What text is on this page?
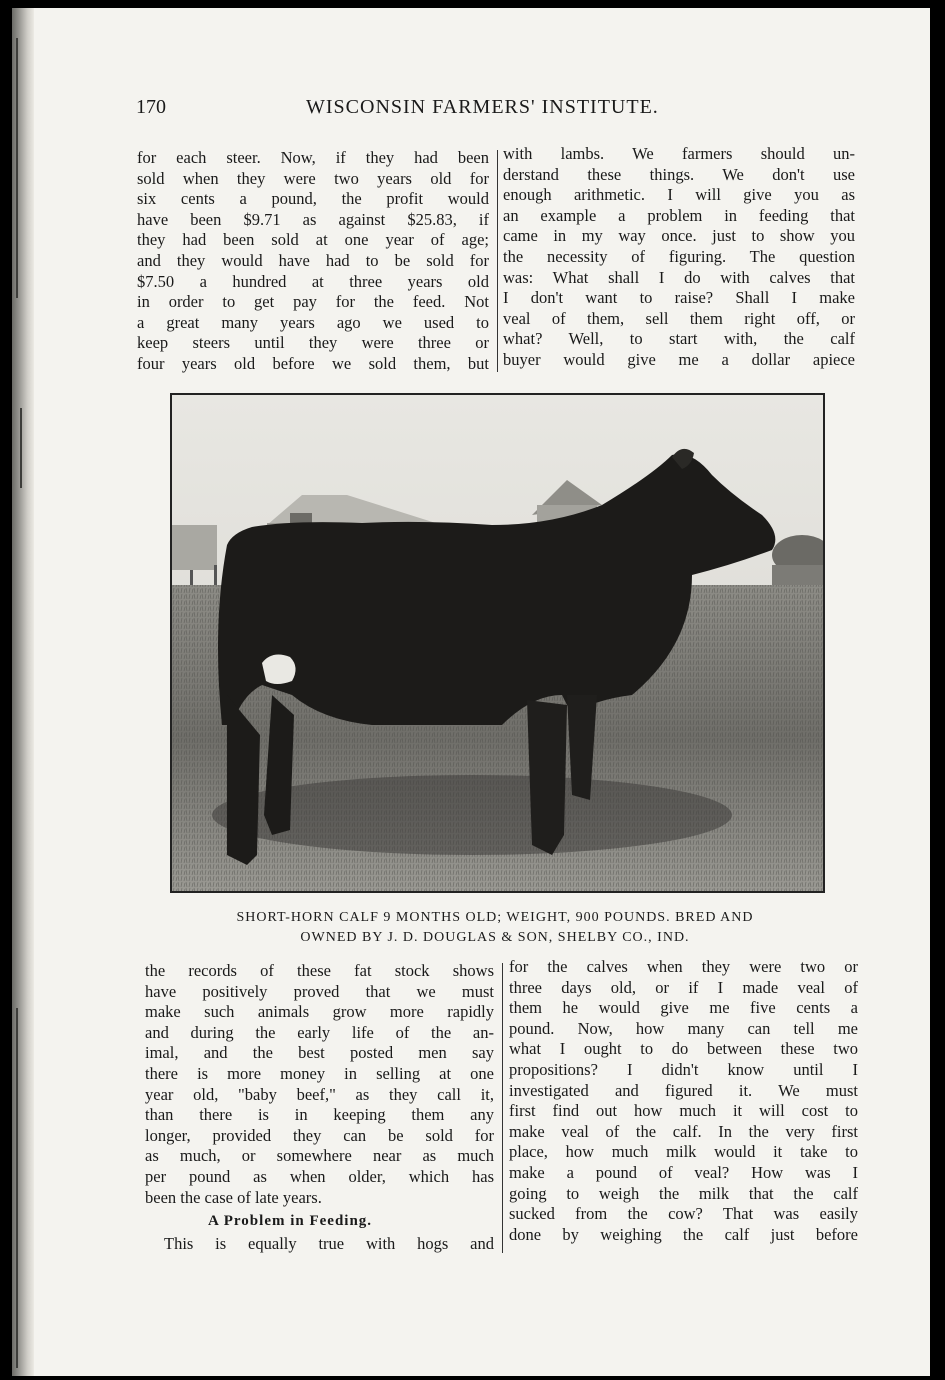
170	WISCONSIN FARMERS' INSTITUTE.
for each steer. Now, if they had been
sold when they were two years old for
six cents a pound, the profit would
have been $9.71 as against $25.83, if
they had been sold at one year of age;
and they would have had to be sold for
$7.50 a hundred at three years old
in order to get pay for the feed. Not
a great many years ago we used to
keep steers until they were three or
four years old before we sold them, but
with lambs. We farmers should un-
derstand these things. We don't use
enough arithmetic. I will give you as
an example a problem in feeding that
came in my way once. just to show you
the necessity of figuring. The question
was: What shall I do with calves that
I don't want to raise? Shall I make
veal of them, sell them right off, or
what? Well, to start with, the calf
buyer would give me a dollar apiece
SHORT-HORN CALF 9 MONTHS OLD; WEIGHT, 900 POUNDS. BRED AND
OWNED BY J. D. DOUGLAS & SON, SHELBY CO., IND.
the records of these fat stock shows
have positively proved that we must
make such animals grow more rapidly
and during the early life of the an-
imal, and the best posted men say
there is more money in selling at one
year old, "baby beef," as they call it,
than there is in keeping them any
longer, provided they can be sold for
as much, or somewhere near as much
per pound as when older, which has
been the case of late years.
A Problem in Feeding.
This is equally true with hogs and
for the calves when they were two or
three days old, or if I made veal of
them he would give me five cents a
pound. Now, how many can tell me
what I ought to do between these two
propositions? I didn't know until I
investigated and figured it. We must
first find out how much it will cost to
make veal of the calf. In the very first
place, how much milk would it take to
make a pound of veal? How was I
going to weigh the milk that the calf
sucked from the cow? That was easily
done by weighing the calf just before
